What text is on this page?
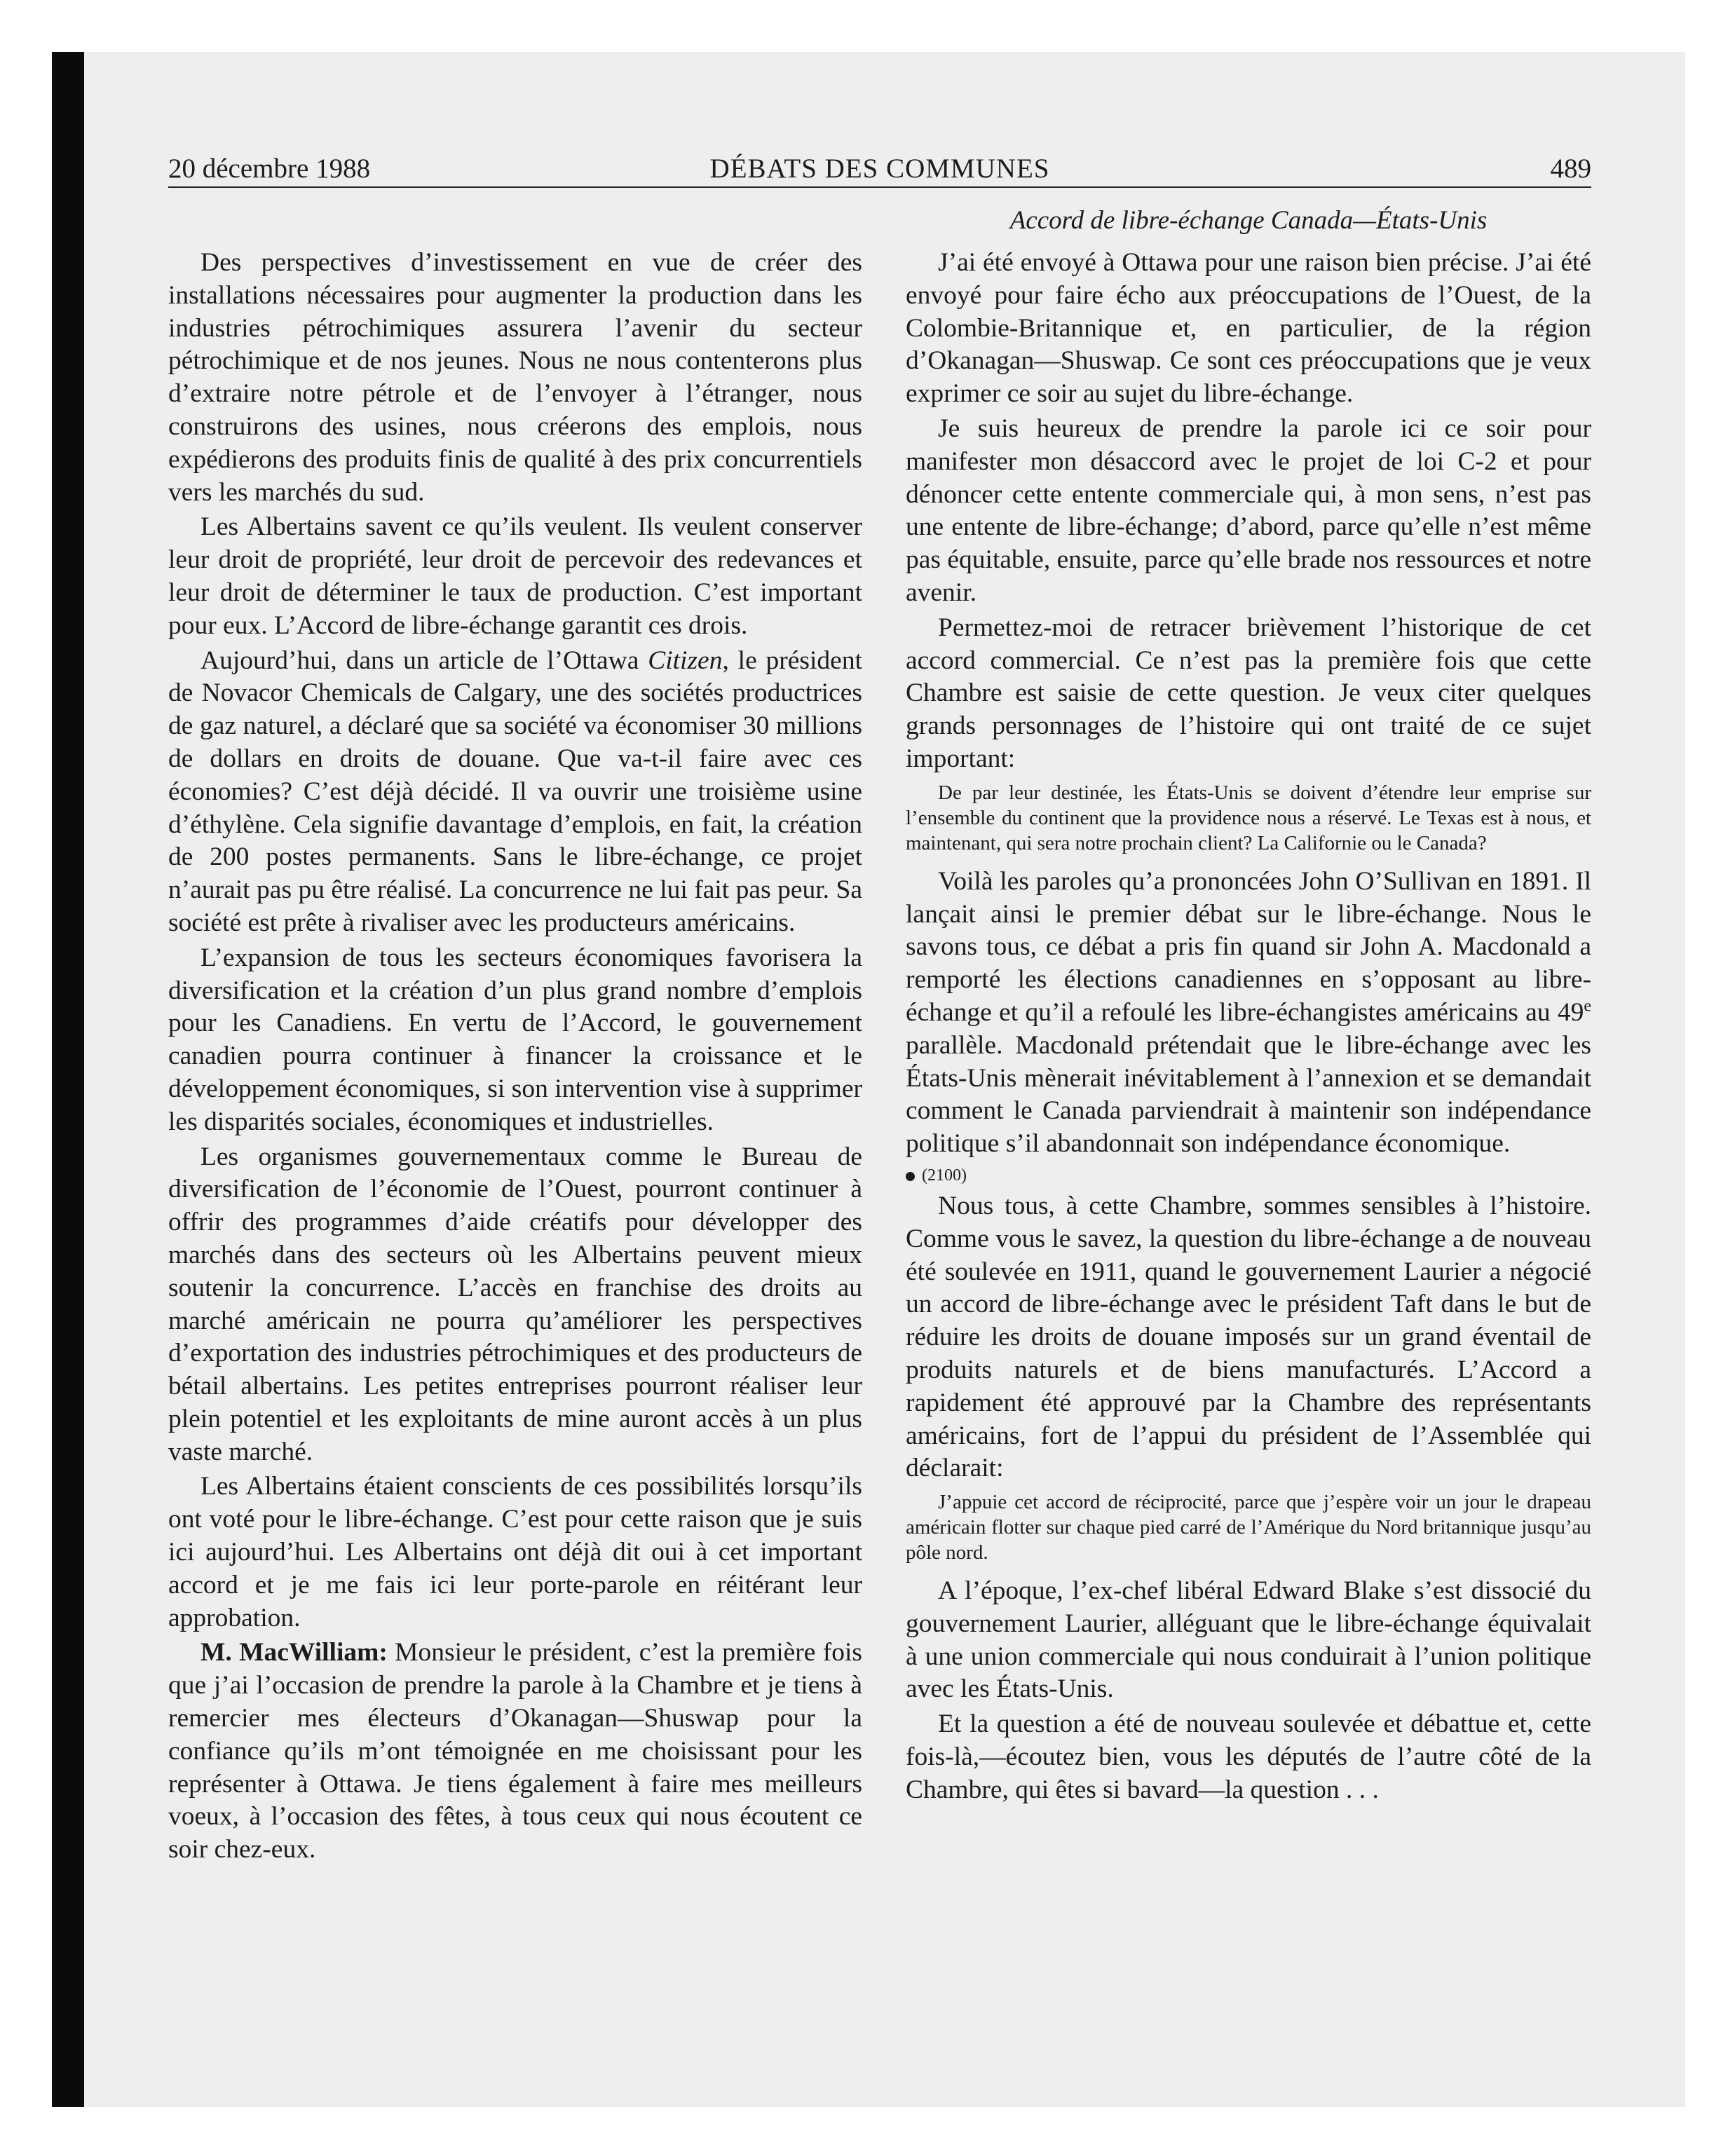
20 décembre 1988	DÉBATS DES COMMUNES	489
Accord de libre-échange Canada—États-Unis

Des perspectives d’investissement en vue de créer des installations nécessaires pour augmenter la production dans les industries pétrochimiques assurera l’avenir du secteur pétrochimique et de nos jeunes. Nous ne nous contenterons plus d’extraire notre pétrole et de l’envoyer à l’étranger, nous construirons des usines, nous créerons des emplois, nous expédierons des produits finis de qualité à des prix concurrentiels vers les marchés du sud.

Les Albertains savent ce qu’ils veulent. Ils veulent conserver leur droit de propriété, leur droit de percevoir des redevances et leur droit de déterminer le taux de production. C’est important pour eux. L’Accord de libre-échange garantit ces drois.

Aujourd’hui, dans un article de l’Ottawa Citizen, le président de Novacor Chemicals de Calgary, une des sociétés productrices de gaz naturel, a déclaré que sa société va économiser 30 millions de dollars en droits de douane. Que va-t-il faire avec ces économies? C’est déjà décidé. Il va ouvrir une troisième usine d’éthylène. Cela signifie davantage d’emplois, en fait, la création de 200 postes permanents. Sans le libre-échange, ce projet n’aurait pas pu être réalisé. La concurrence ne lui fait pas peur. Sa société est prête à rivaliser avec les producteurs américains.

L’expansion de tous les secteurs économiques favorisera la diversification et la création d’un plus grand nombre d’emplois pour les Canadiens. En vertu de l’Accord, le gouvernement canadien pourra continuer à financer la croissance et le développement économiques, si son intervention vise à supprimer les disparités sociales, économiques et industrielles.

Les organismes gouvernementaux comme le Bureau de diversification de l’économie de l’Ouest, pourront continuer à offrir des programmes d’aide créatifs pour développer des marchés dans des secteurs où les Albertains peuvent mieux soutenir la concurrence. L’accès en franchise des droits au marché américain ne pourra qu’améliorer les perspectives d’exportation des industries pétrochimiques et des producteurs de bétail albertains. Les petites entreprises pourront réaliser leur plein potentiel et les exploitants de mine auront accès à un plus vaste marché.

Les Albertains étaient conscients de ces possibilités lorsqu’ils ont voté pour le libre-échange. C’est pour cette raison que je suis ici aujourd’hui. Les Albertains ont déjà dit oui à cet important accord et je me fais ici leur porte-parole en réitérant leur approbation.

M. MacWilliam: Monsieur le président, c’est la première fois que j’ai l’occasion de prendre la parole à la Chambre et je tiens à remercier mes électeurs d’Okanagan—Shuswap pour la confiance qu’ils m’ont témoignée en me choisissant pour les représenter à Ottawa. Je tiens également à faire mes meilleurs voeux, à l’occasion des fêtes, à tous ceux qui nous écoutent ce soir chez-eux.

J’ai été envoyé à Ottawa pour une raison bien précise. J’ai été envoyé pour faire écho aux préoccupations de l’Ouest, de la Colombie-Britannique et, en particulier, de la région d’Okanagan—Shuswap. Ce sont ces préoccupations que je veux exprimer ce soir au sujet du libre-échange.

Je suis heureux de prendre la parole ici ce soir pour manifester mon désaccord avec le projet de loi C-2 et pour dénoncer cette entente commerciale qui, à mon sens, n’est pas une entente de libre-échange; d’abord, parce qu’elle n’est même pas équitable, ensuite, parce qu’elle brade nos ressources et notre avenir.

Permettez-moi de retracer brièvement l’historique de cet accord commercial. Ce n’est pas la première fois que cette Chambre est saisie de cette question. Je veux citer quelques grands personnages de l’histoire qui ont traité de ce sujet important:

De par leur destinée, les États-Unis se doivent d’étendre leur emprise sur l’ensemble du continent que la providence nous a réservé. Le Texas est à nous, et maintenant, qui sera notre prochain client? La Californie ou le Canada?

Voilà les paroles qu’a prononcées John O’Sullivan en 1891. Il lançait ainsi le premier débat sur le libre-échange. Nous le savons tous, ce débat a pris fin quand sir John A. Macdonald a remporté les élections canadiennes en s’opposant au libre-échange et qu’il a refoulé les libre-échangistes américains au 49e parallèle. Macdonald prétendait que le libre-échange avec les États-Unis mènerait inévitablement à l’annexion et se demandait comment le Canada parviendrait à maintenir son indépendance politique s’il abandonnait son indépendance économique.

(2100)

Nous tous, à cette Chambre, sommes sensibles à l’histoire. Comme vous le savez, la question du libre-échange a de nouveau été soulevée en 1911, quand le gouvernement Laurier a négocié un accord de libre-échange avec le président Taft dans le but de réduire les droits de douane imposés sur un grand éventail de produits naturels et de biens manufacturés. L’Accord a rapidement été approuvé par la Chambre des représentants américains, fort de l’appui du président de l’Assemblée qui déclarait:

J’appuie cet accord de réciprocité, parce que j’espère voir un jour le drapeau américain flotter sur chaque pied carré de l’Amérique du Nord britannique jusqu’au pôle nord.

A l’époque, l’ex-chef libéral Edward Blake s’est dissocié du gouvernement Laurier, alléguant que le libre-échange équivalait à une union commerciale qui nous conduirait à l’union politique avec les États-Unis.

Et la question a été de nouveau soulevée et débattue et, cette fois-là,—écoutez bien, vous les députés de l’autre côté de la Chambre, qui êtes si bavard—la question . . .
